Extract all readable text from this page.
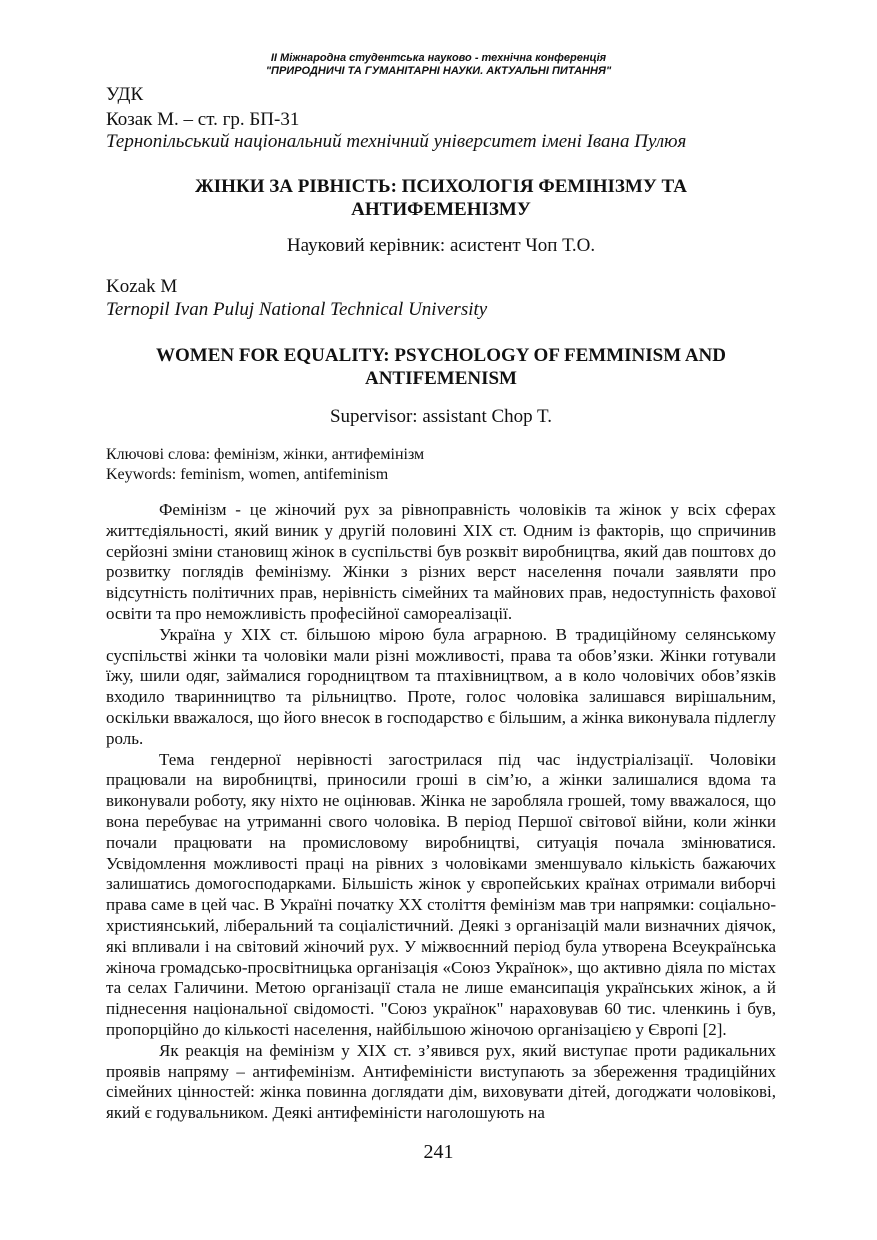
II Міжнародна студентська науково - технічна конференція
"ПРИРОДНИЧІ ТА ГУМАНІТАРНІ НАУКИ. АКТУАЛЬНІ ПИТАННЯ"
УДК
Козак М. – ст. гр. БП-31
Тернопільський національний технічний університет імені Івана Пулюя
ЖІНКИ ЗА РІВНІСТЬ: ПСИХОЛОГІЯ ФЕМІНІЗМУ ТА
АНТИФЕМЕНІЗМУ
Науковий керівник: асистент Чоп Т.О.
Kozak M
Ternopil Ivan Puluj National Technical University
WOMEN FOR EQUALITY: PSYCHOLOGY OF FEMMINISM AND
ANTIFEMENISM
Supervisor: assistant Chop T.
Ключові слова: фемінізм, жінки, антифемінізм
Keywords: feminism, women, antifeminism

Фемінізм - це жіночий рух за рівноправність чоловіків та жінок у всіх сферах життєдіяльності, який виник у другій половині XIX ст. Одним із факторів, що спричинив серйозні зміни становищ жінок в суспільстві був розквіт виробництва, який дав поштовх до розвитку поглядів фемінізму. Жінки з різних верст населення почали заявляти про відсутність політичних прав, нерівність сімейних та майнових прав, недоступність фахової освіти та про неможливість професійної самореалізації.

Україна у XIX ст. більшою мірою була аграрною. В традиційному селянському суспільстві жінки та чоловіки мали різні можливості, права та обов’язки. Жінки готували їжу, шили одяг, займалися городництвом та птахівництвом, а в коло чоловічих обов’язків входило тваринництво та рільництво. Проте, голос чоловіка залишався вирішальним, оскільки вважалося, що його внесок в господарство є більшим, а жінка виконувала підлеглу роль.

Тема гендерної нерівності загострилася під час індустріалізації. Чоловіки працювали на виробництві, приносили гроші в сім’ю, а жінки залишалися вдома та виконували роботу, яку ніхто не оцінював. Жінка не заробляла грошей, тому вважалося, що вона перебуває на утриманні свого чоловіка. В період Першої світової війни, коли жінки почали працювати на промисловому виробництві, ситуація почала змінюватися. Усвідомлення можливості праці на рівних з чоловіками зменшувало кількість бажаючих залишатись домогосподарками. Більшість жінок у європейських країнах отримали виборчі права саме в цей час. В Україні початку ХХ століття фемінізм мав три напрямки: соціально-християнський, ліберальний та соціалістичний. Деякі з організацій мали визначних діячок, які впливали і на світовий жіночий рух. У міжвоєнний період була утворена Всеукраїнська жіноча громадсько-просвітницька організація «Союз Українок», що активно діяла по містах та селах Галичини. Метою організації стала не лише емансипація українських жінок, а й піднесення національної свідомості. "Союз українок" нараховував 60 тис. членкинь і був, пропорційно до кількості населення, найбільшою жіночою організацією у Європі [2].

Як реакція на фемінізм у XIX ст. з’явився рух, який виступає проти радикальних проявів напряму – антифемінізм. Антифеміністи виступають за збереження традиційних сімейних цінностей: жінка повинна доглядати дім, виховувати дітей, догоджати чоловікові, який є годувальником. Деякі антифеміністи наголошують на

241
